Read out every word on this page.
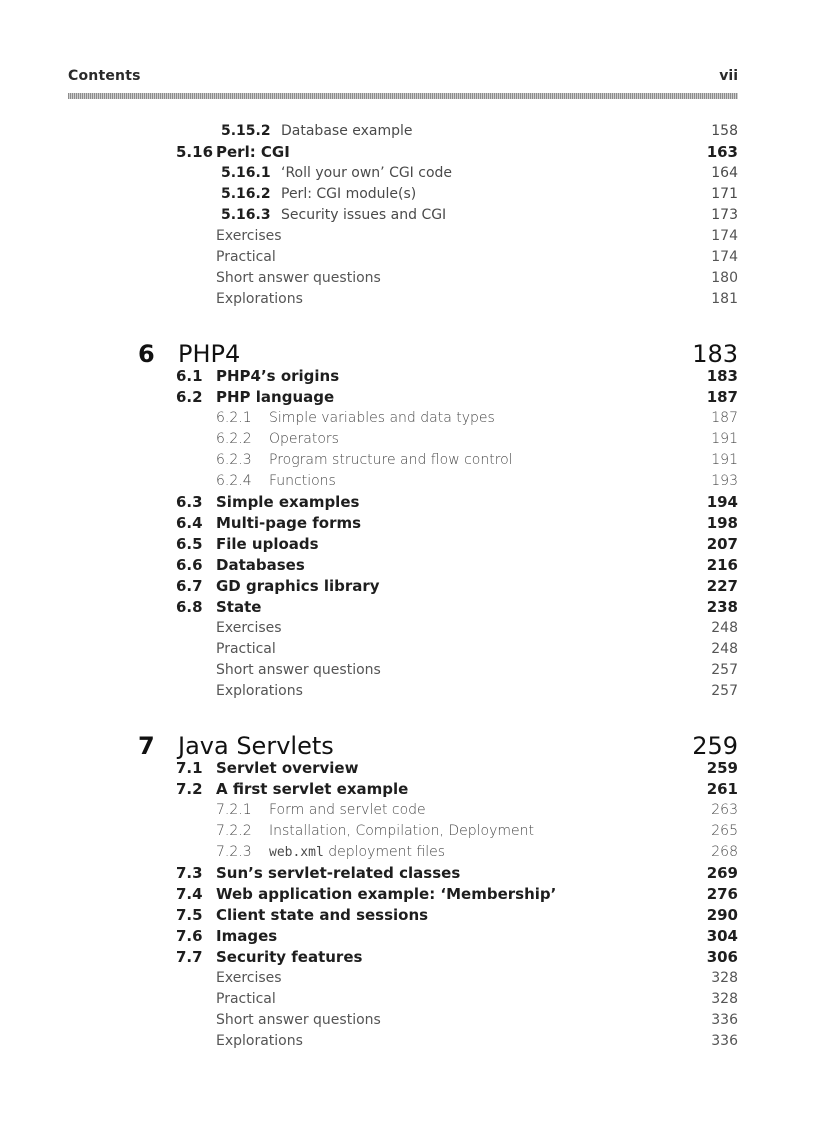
Contents	vii
5.15.2 Database example	158
5.16 Perl: CGI	163
5.16.1 ‘Roll your own’ CGI code	164
5.16.2 Perl: CGI module(s)	171
5.16.3 Security issues and CGI	173
Exercises	174
Practical	174
Short answer questions	180
Explorations	181
6 PHP4	183
6.1 PHP4’s origins	183
6.2 PHP language	187
6.2.1 Simple variables and data types	187
6.2.2 Operators	191
6.2.3 Program structure and flow control	191
6.2.4 Functions	193
6.3 Simple examples	194
6.4 Multi-page forms	198
6.5 File uploads	207
6.6 Databases	216
6.7 GD graphics library	227
6.8 State	238
Exercises	248
Practical	248
Short answer questions	257
Explorations	257
7 Java Servlets	259
7.1 Servlet overview	259
7.2 A first servlet example	261
7.2.1 Form and servlet code	263
7.2.2 Installation, Compilation, Deployment	265
7.2.3 web.xml deployment files	268
7.3 Sun’s servlet-related classes	269
7.4 Web application example: ‘Membership’	276
7.5 Client state and sessions	290
7.6 Images	304
7.7 Security features	306
Exercises	328
Practical	328
Short answer questions	336
Explorations	336
